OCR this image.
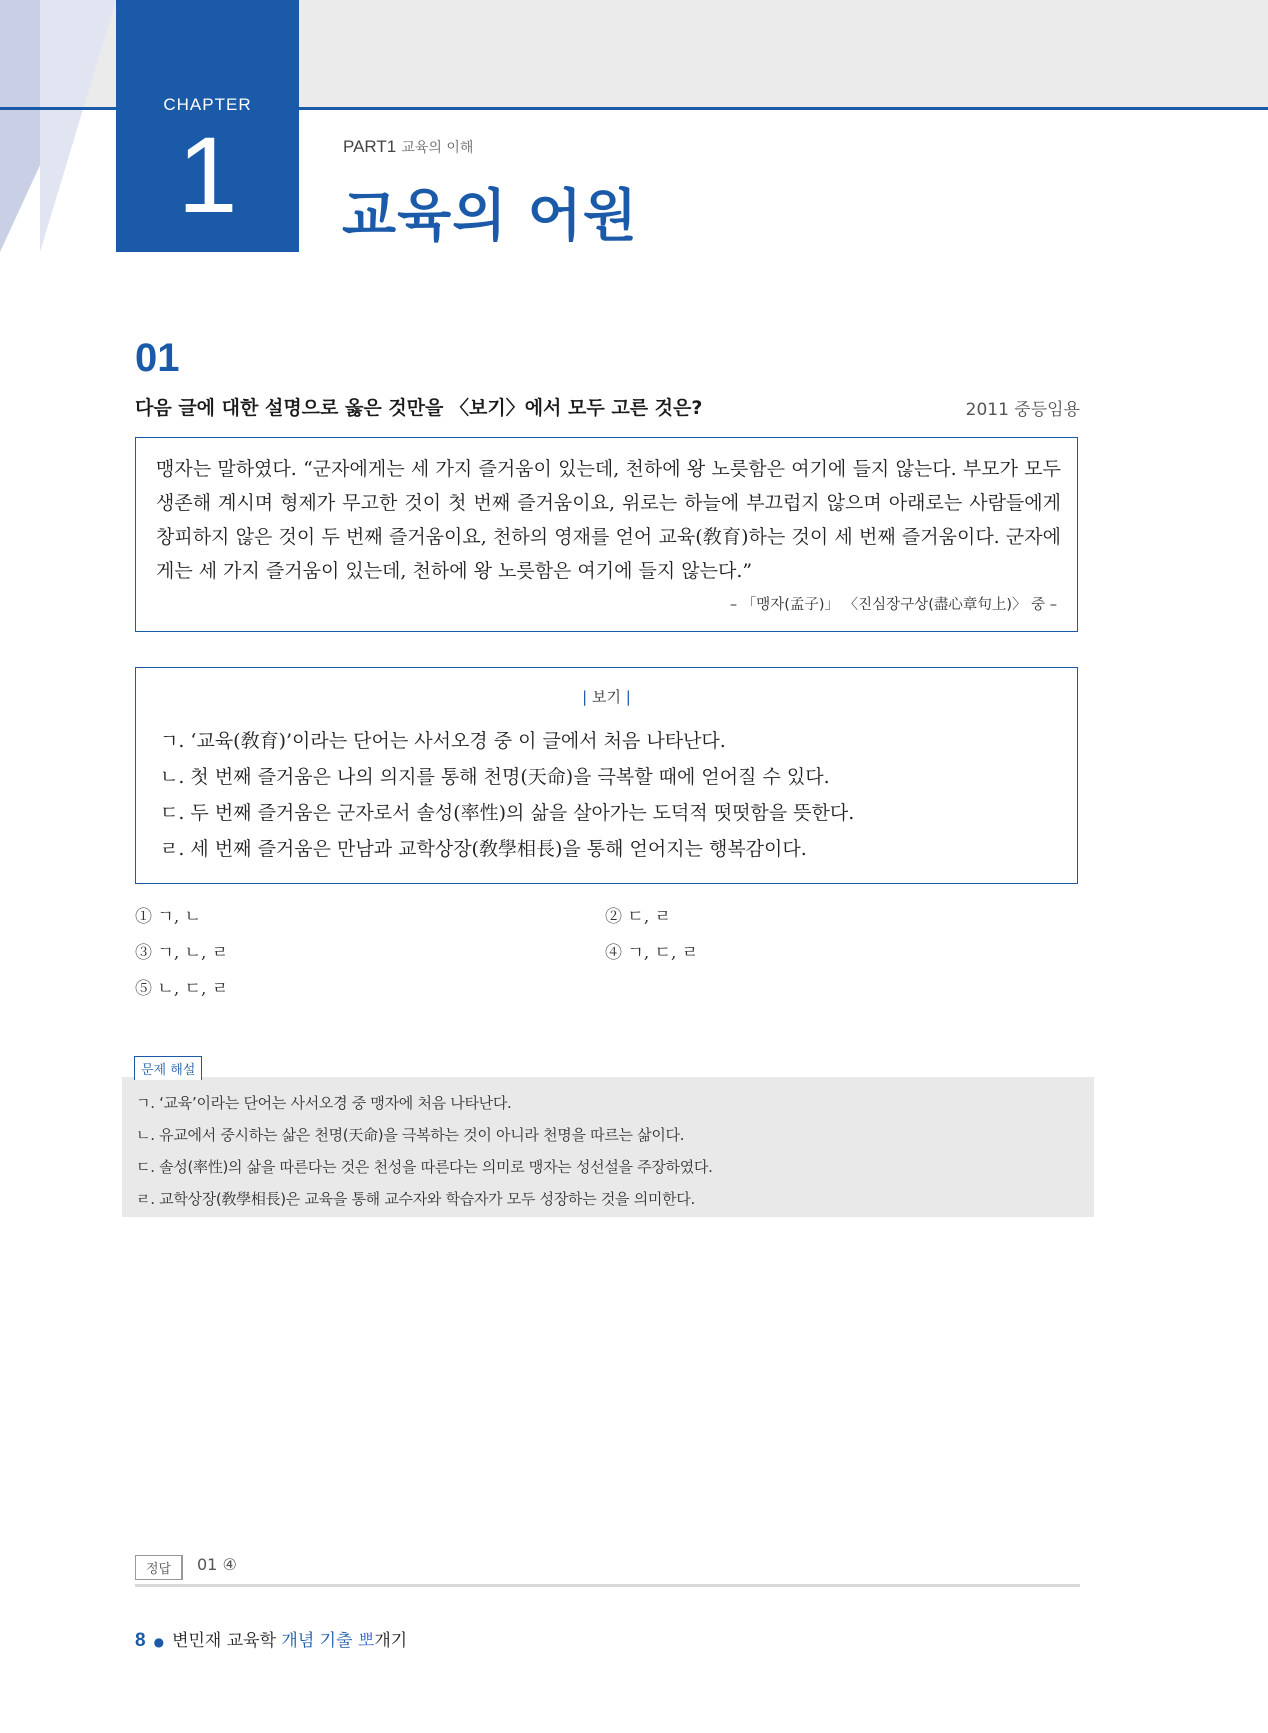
CHAPTER
1	PART1 교육의 이해
교육의 어원
01
다음 글에 대한 설명으로 옳은 것만을 〈보기〉에서 모두 고른 것은?	2011 중등임용
맹자는 말하였다. “군자에게는 세 가지 즐거움이 있는데, 천하에 왕 노릇함은 여기에 들지 않는다. 부모가 모두 생존해 계시며 형제가 무고한 것이 첫 번째 즐거움이요, 위로는 하늘에 부끄럽지 않으며 아래로는 사람들에게 창피하지 않은 것이 두 번째 즐거움이요, 천하의 영재를 얻어 교육(敎育)하는 것이 세 번째 즐거움이다. 군자에게는 세 가지 즐거움이 있는데, 천하에 왕 노릇함은 여기에 들지 않는다.”
– 「맹자(孟子)」 〈진심장구상(盡心章句上)〉 중 –
| 보기 |
ㄱ. ‘교육(敎育)’이라는 단어는 사서오경 중 이 글에서 처음 나타난다.
ㄴ. 첫 번째 즐거움은 나의 의지를 통해 천명(天命)을 극복할 때에 얻어질 수 있다.
ㄷ. 두 번째 즐거움은 군자로서 솔성(率性)의 삶을 살아가는 도덕적 떳떳함을 뜻한다.
ㄹ. 세 번째 즐거움은 만남과 교학상장(敎學相長)을 통해 얻어지는 행복감이다.
① ㄱ, ㄴ	② ㄷ, ㄹ
③ ㄱ, ㄴ, ㄹ	④ ㄱ, ㄷ, ㄹ
⑤ ㄴ, ㄷ, ㄹ
ㄱ. ‘교육’이라는 단어는 사서오경 중 맹자에 처음 나타난다.
ㄴ. 유교에서 중시하는 삶은 천명(天命)을 극복하는 것이 아니라 천명을 따르는 삶이다.
ㄷ. 솔성(率性)의 삶을 따른다는 것은 천성을 따른다는 의미로 맹자는 성선설을 주장하였다.
ㄹ. 교학상장(敎學相長)은 교육을 통해 교수자와 학습자가 모두 성장하는 것을 의미한다.
문제 해설
정답	01 ④
8 ● 변민재 교육학 개념 기출 뽀개기
